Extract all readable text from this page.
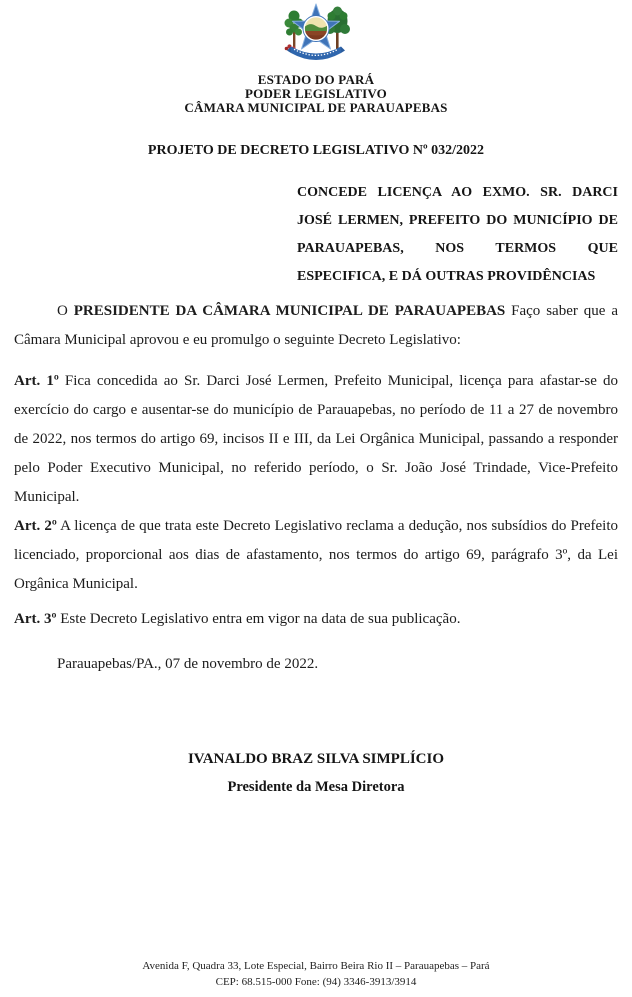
ESTADO DO PARÁ
PODER LEGISLATIVO
CÂMARA MUNICIPAL DE PARAUAPEBAS
PROJETO DE DECRETO LEGISLATIVO Nº 032/2022

CONCEDE LICENÇA AO EXMO. SR. DARCI JOSÉ LERMEN, PREFEITO DO MUNICÍPIO DE PARAUAPEBAS, NOS TERMOS QUE ESPECIFICA, E DÁ OUTRAS PROVIDÊNCIAS

O PRESIDENTE DA CÂMARA MUNICIPAL DE PARAUAPEBAS Faço saber que a Câmara Municipal aprovou e eu promulgo o seguinte Decreto Legislativo:

Art. 1º Fica concedida ao Sr. Darci José Lermen, Prefeito Municipal, licença para afastar-se do exercício do cargo e ausentar-se do município de Parauapebas, no período de 11 a 27 de novembro de 2022, nos termos do artigo 69, incisos II e III, da Lei Orgânica Municipal, passando a responder pelo Poder Executivo Municipal, no referido período, o Sr. João José Trindade, Vice-Prefeito Municipal.

Art. 2º A licença de que trata este Decreto Legislativo reclama a dedução, nos subsídios do Prefeito licenciado, proporcional aos dias de afastamento, nos termos do artigo 69, parágrafo 3º, da Lei Orgânica Municipal.

Art. 3º Este Decreto Legislativo entra em vigor na data de sua publicação.

Parauapebas/PA., 07 de novembro de 2022.

IVANALDO BRAZ SILVA SIMPLÍCIO
Presidente da Mesa Diretora
Avenida F, Quadra 33, Lote Especial, Bairro Beira Rio II – Parauapebas – Pará
CEP: 68.515-000 Fone: (94) 3346-3913/3914
